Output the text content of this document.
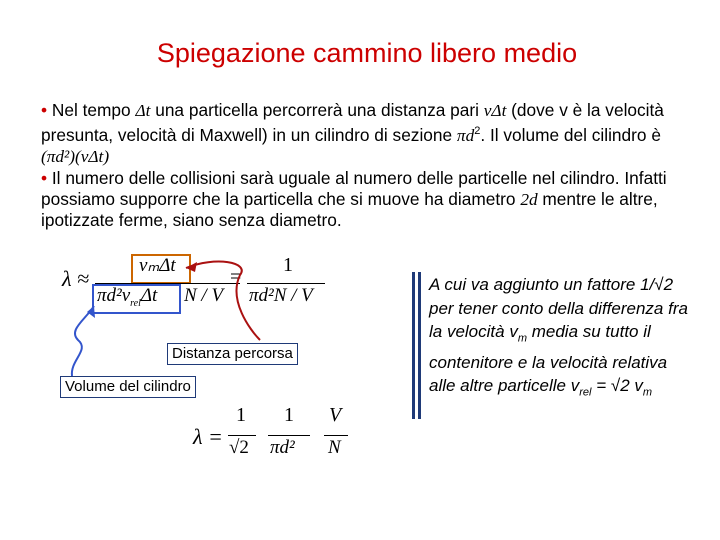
Spiegazione cammino libero medio
• Nel tempo Δt una particella percorrerà una distanza pari vΔt (dove v è la velocità presunta, velocità di Maxwell) in un cilindro di sezione $\pi d^2$. Il volume del cilindro è (πd²)(vΔt)
• Il numero delle collisioni sarà uguale al numero delle particelle nel cilindro. Infatti possiamo supporre che la particella che si muove ha diametro 2d mentre le altre, ipotizzate ferme, siano senza diametro.
λ ≈
vₘΔt
$\pi d^2v_{rel}\Delta t$ N / V
=
1
πd²N / V
Distanza percorsa
Volume del cilindro
λ =
1
√2
1
πd²
V
N
A cui va aggiunto un fattore 1/√2 per tener conto della differenza fra la velocità $v_m$ media su tutto il contenitore e la velocità relativa alle altre particelle $v_{rel} = √2$ $v_m$
